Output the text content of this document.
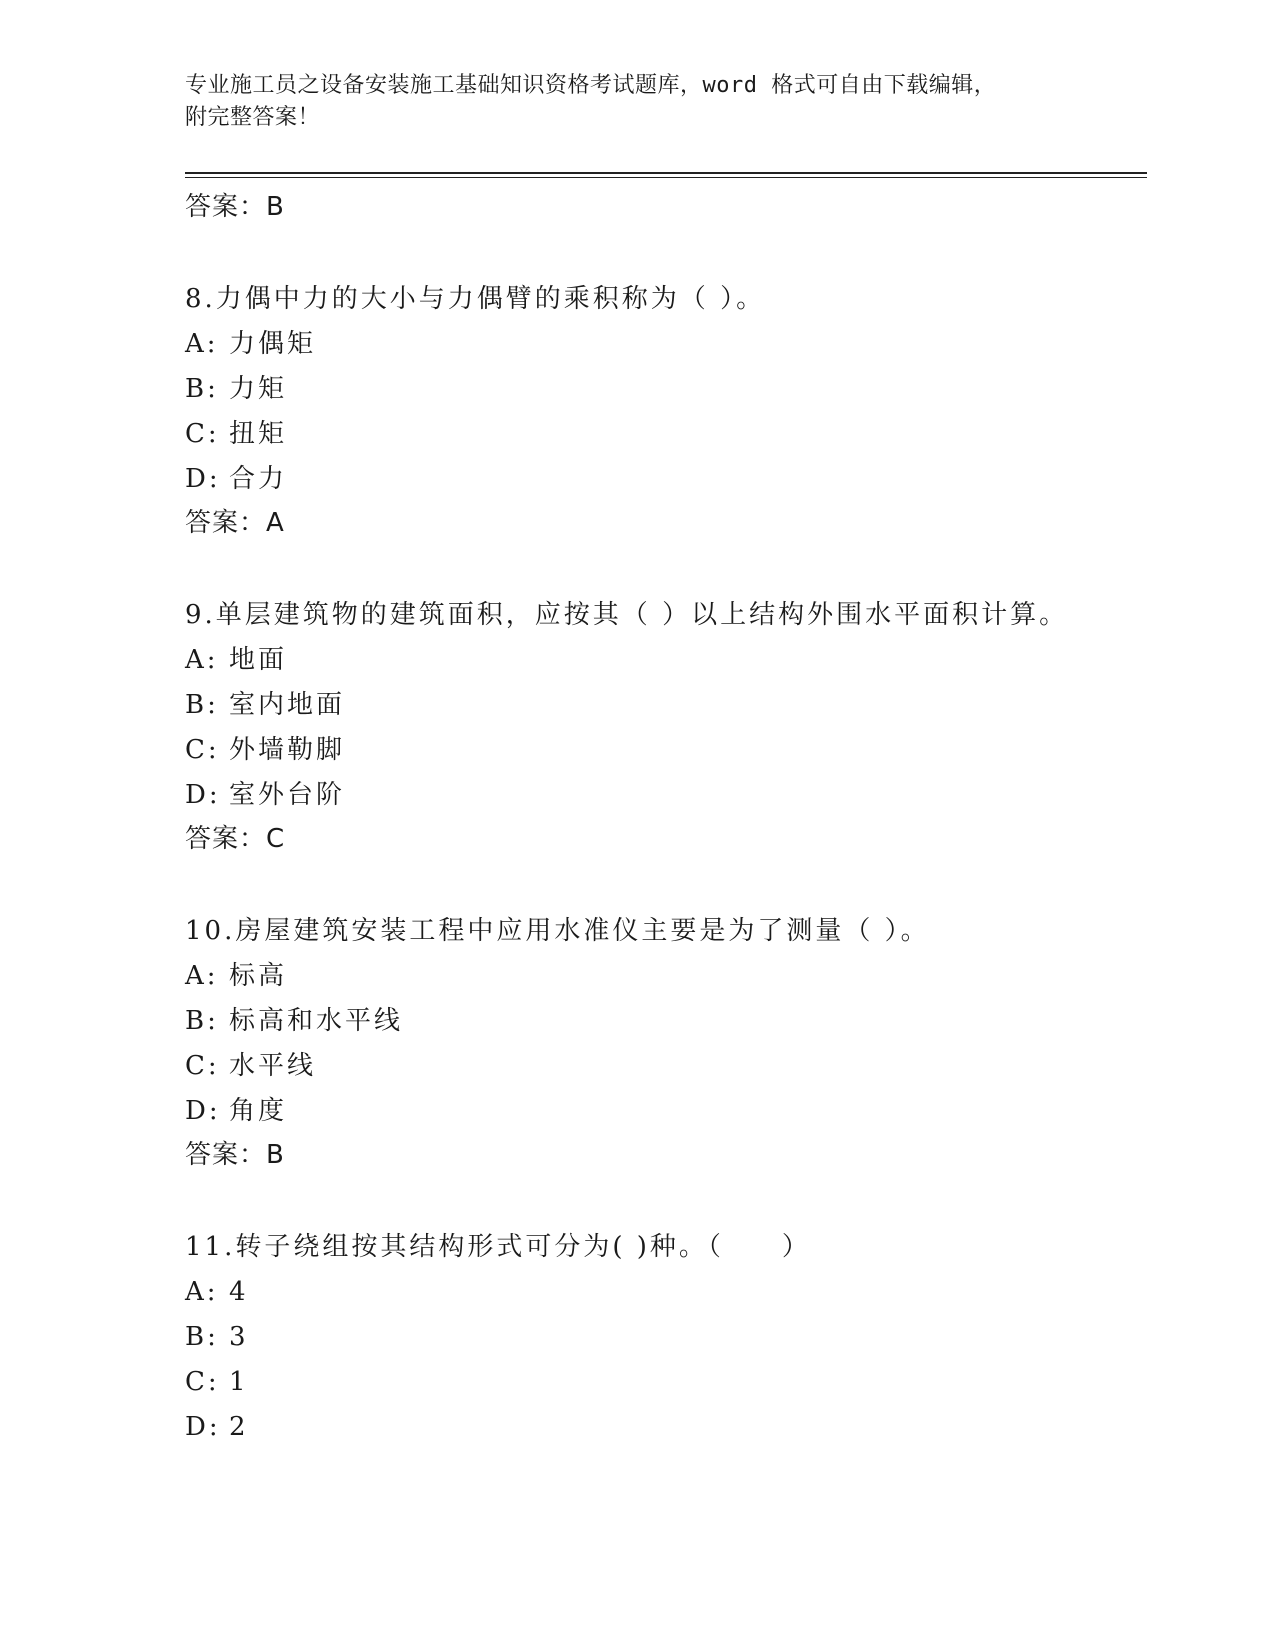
专业施工员之设备安装施工基础知识资格考试题库，word 格式可自由下载编辑，
附完整答案！
答案：B
8.力偶中力的大小与力偶臂的乘积称为（ ）。
A: 力偶矩
B: 力矩
C: 扭矩
D: 合力
答案：A
9.单层建筑物的建筑面积，应按其（ ）以上结构外围水平面积计算。
A: 地面
B: 室内地面
C: 外墙勒脚
D: 室外台阶
答案：C
10.房屋建筑安装工程中应用水准仪主要是为了测量（ ）。
A: 标高
B: 标高和水平线
C: 水平线
D: 角度
答案：B
11.转子绕组按其结构形式可分为( )种。（　　）
A: 4
B: 3
C: 1
D: 2
